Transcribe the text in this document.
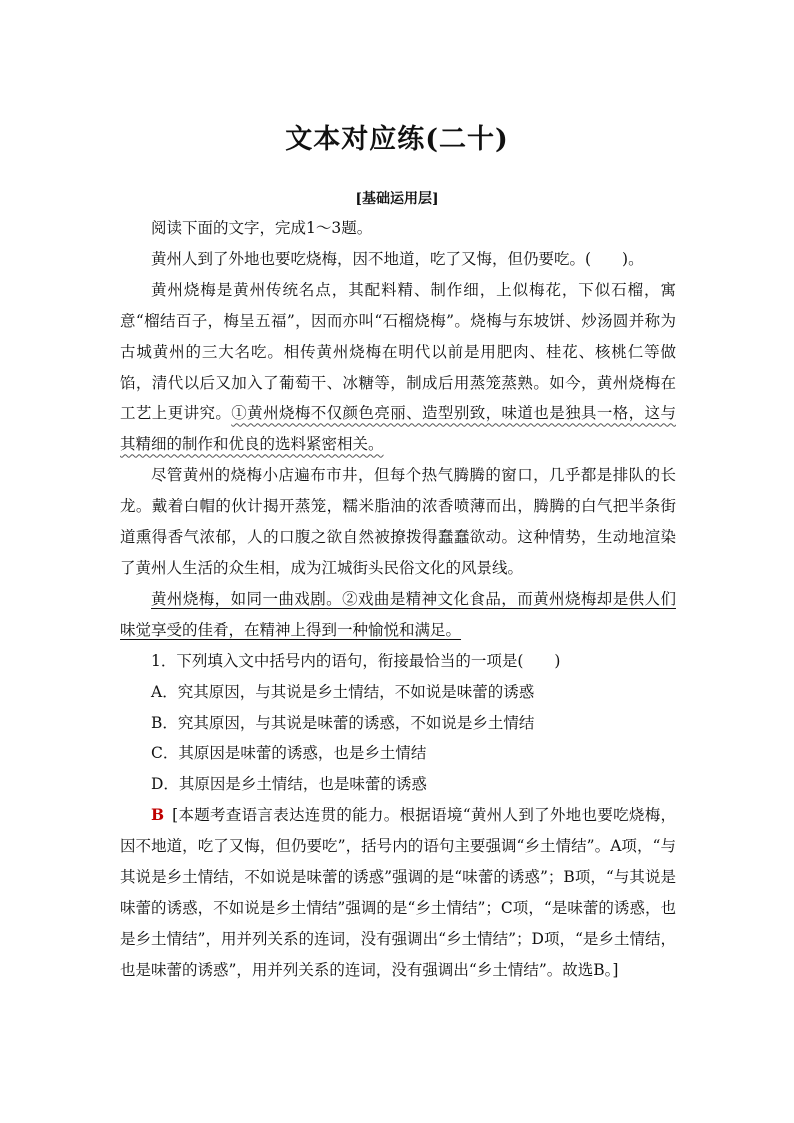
文本对应练(二十)
[基础运用层]

阅读下面的文字，完成1～3题。

黄州人到了外地也要吃烧梅，因不地道，吃了又悔，但仍要吃。(　　)。

黄州烧梅是黄州传统名点，其配料精、制作细，上似梅花，下似石榴，寓意“榴结百子，梅呈五福”，因而亦叫“石榴烧梅”。烧梅与东坡饼、炒汤圆并称为古城黄州的三大名吃。相传黄州烧梅在明代以前是用肥肉、桂花、核桃仁等做馅，清代以后又加入了葡萄干、冰糖等，制成后用蒸笼蒸熟。如今，黄州烧梅在工艺上更讲究。①黄州烧梅不仅颜色亮丽、造型别致，味道也是独具一格，这与其精细的制作和优良的选料紧密相关。

尽管黄州的烧梅小店遍布市井，但每个热气腾腾的窗口，几乎都是排队的长龙。戴着白帽的伙计揭开蒸笼，糯米脂油的浓香喷薄而出，腾腾的白气把半条街道熏得香气浓郁，人的口腹之欲自然被撩拨得蠢蠢欲动。这种情势，生动地渲染了黄州人生活的众生相，成为江城街头民俗文化的风景线。

黄州烧梅，如同一曲戏剧。②戏曲是精神文化食品，而黄州烧梅却是供人们味觉享受的佳肴，在精神上得到一种愉悦和满足。

1．下列填入文中括号内的语句，衔接最恰当的一项是(　　)

A．究其原因，与其说是乡土情结，不如说是味蕾的诱惑

B．究其原因，与其说是味蕾的诱惑，不如说是乡土情结

C．其原因是味蕾的诱惑，也是乡土情结

D．其原因是乡土情结，也是味蕾的诱惑

B [本题考查语言表达连贯的能力。根据语境“黄州人到了外地也要吃烧梅，因不地道，吃了又悔，但仍要吃”，括号内的语句主要强调“乡土情结”。A项，“与其说是乡土情结，不如说是味蕾的诱惑”强调的是“味蕾的诱惑”；B项，“与其说是味蕾的诱惑，不如说是乡土情结”强调的是“乡土情结”；C项，“是味蕾的诱惑，也是乡土情结”，用并列关系的连词，没有强调出“乡土情结”；D项，“是乡土情结，也是味蕾的诱惑”，用并列关系的连词，没有强调出“乡土情结”。故选B。]
